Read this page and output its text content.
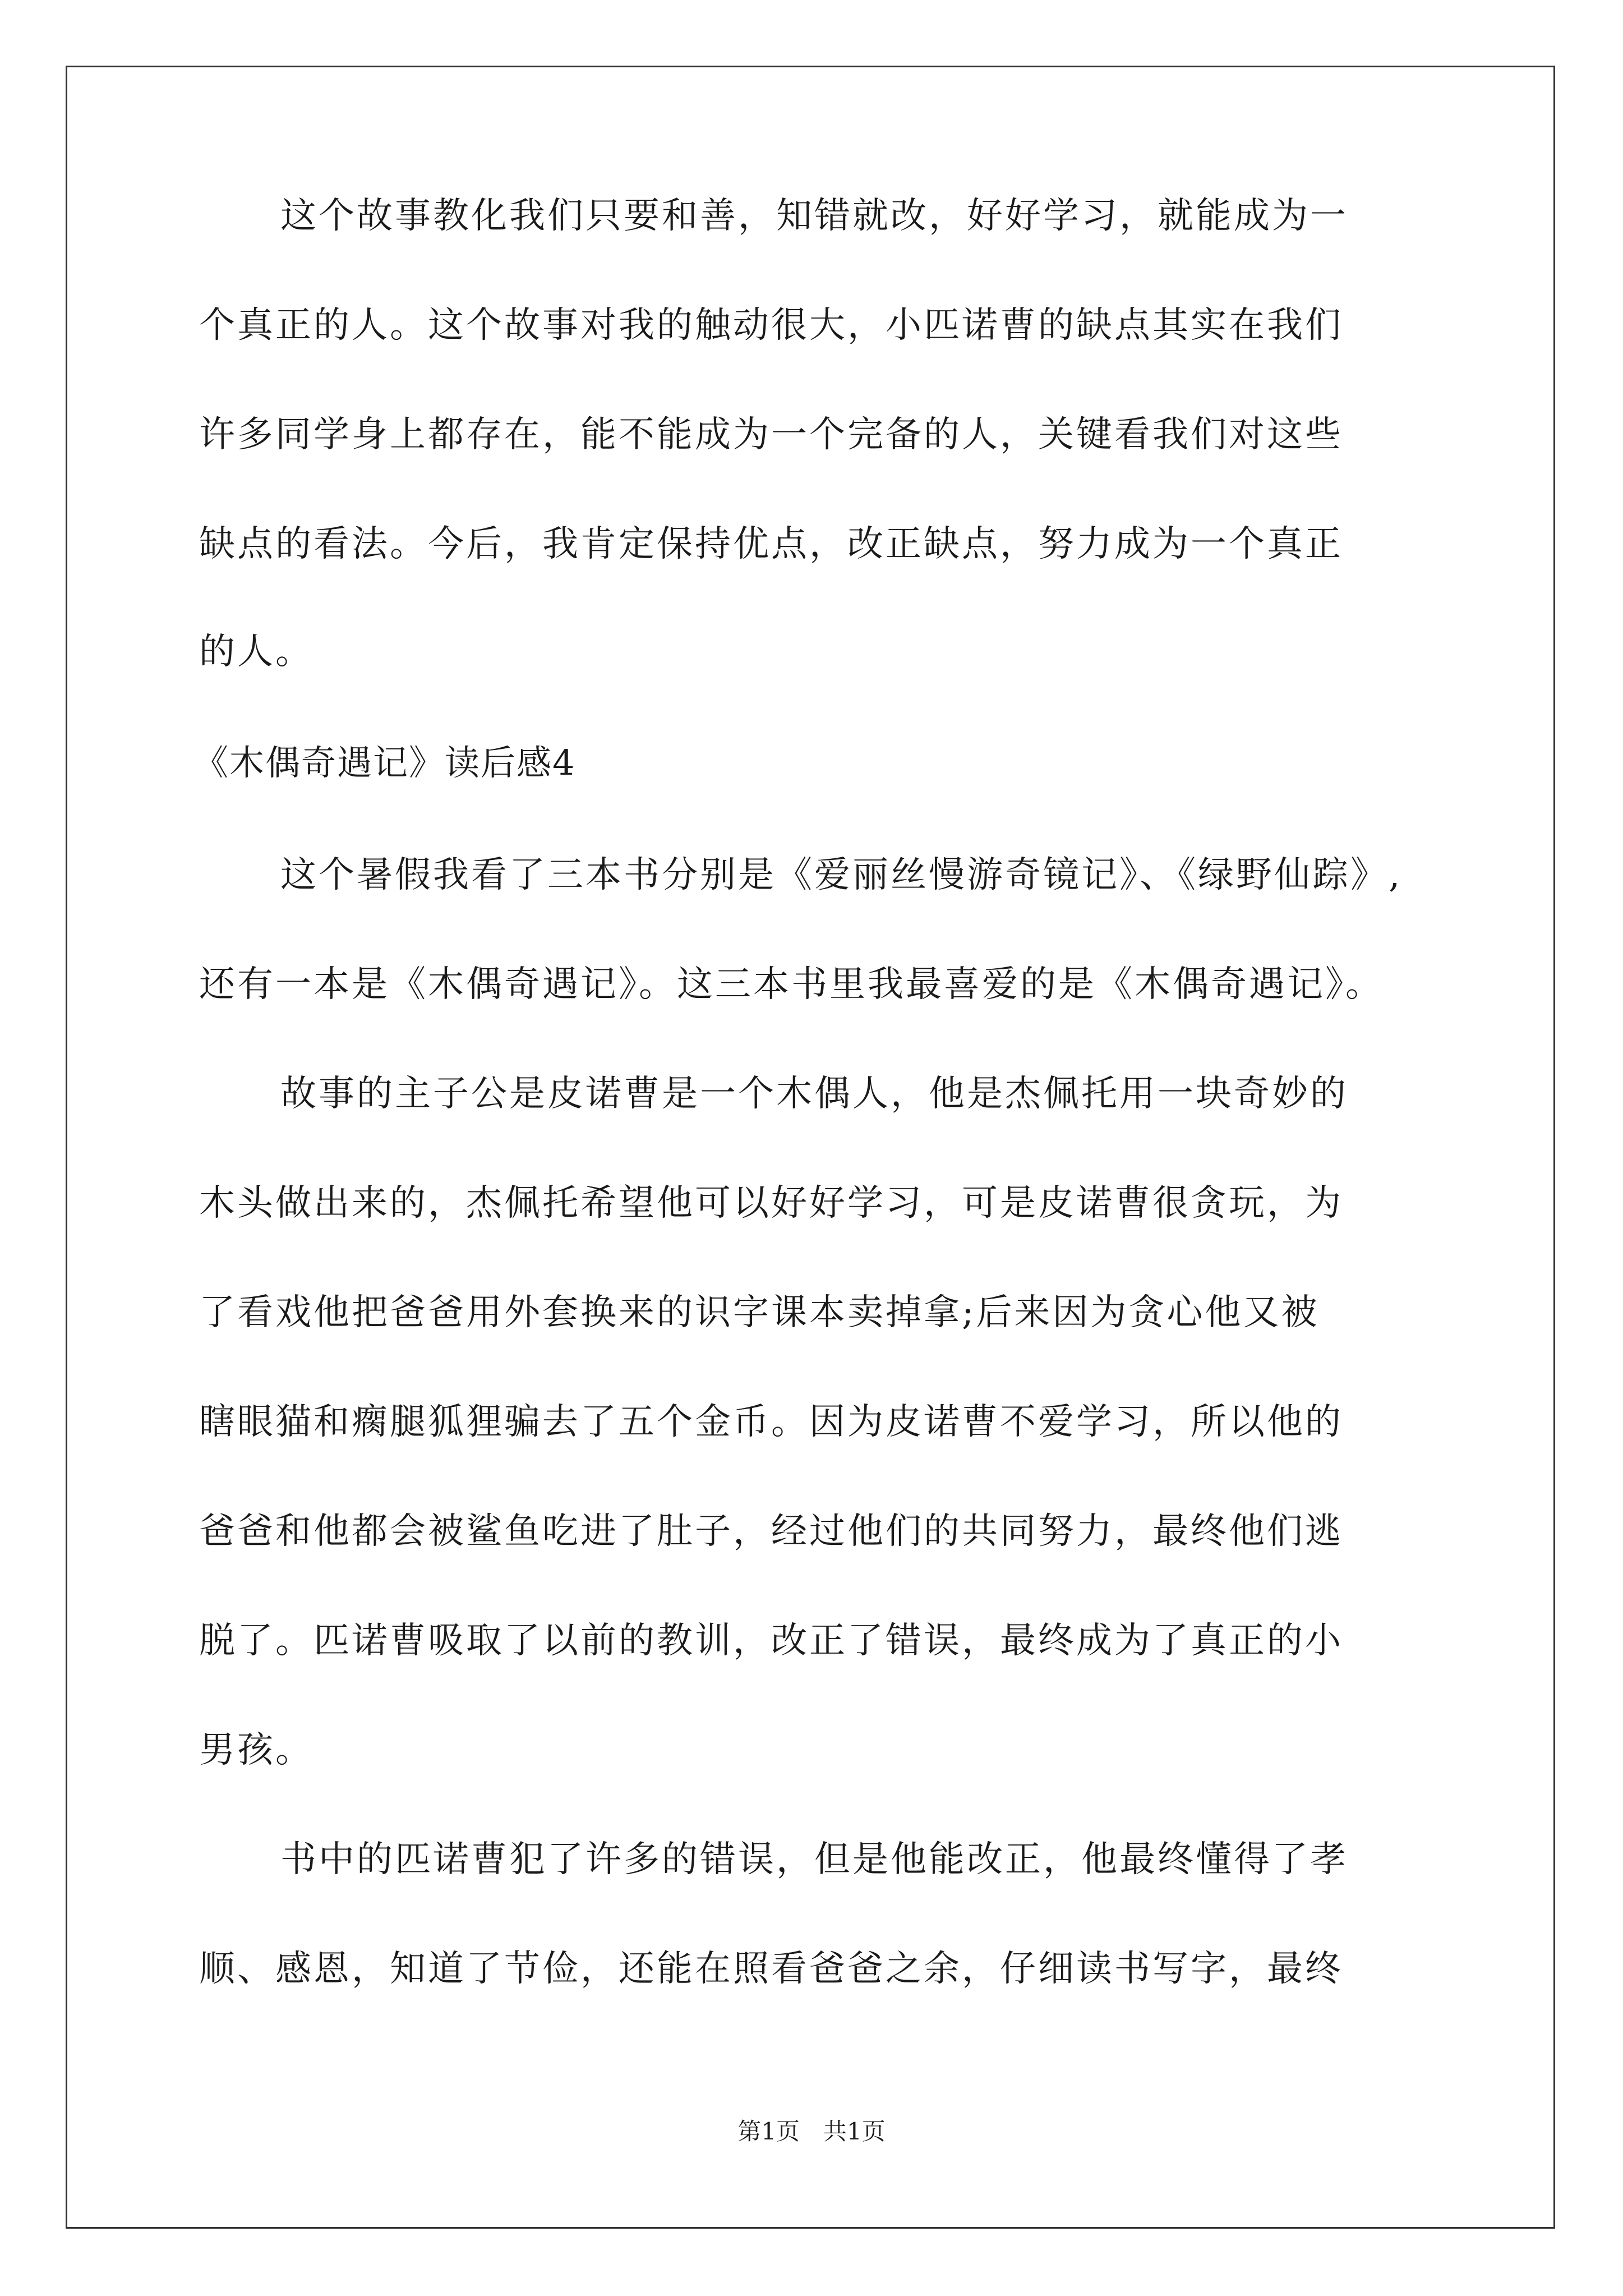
这个故事教化我们只要和善，知错就改，好好学习，就能成为一
个真正的人。这个故事对我的触动很大，小匹诺曹的缺点其实在我们
许多同学身上都存在，能不能成为一个完备的人，关键看我们对这些
缺点的看法。今后，我肯定保持优点，改正缺点，努力成为一个真正
的人。
《木偶奇遇记》读后感4
这个暑假我看了三本书分别是《爱丽丝慢游奇镜记》、《绿野仙踪》,
还有一本是《木偶奇遇记》。这三本书里我最喜爱的是《木偶奇遇记》。
故事的主子公是皮诺曹是一个木偶人，他是杰佩托用一块奇妙的
木头做出来的，杰佩托希望他可以好好学习，可是皮诺曹很贪玩，为
了看戏他把爸爸用外套换来的识字课本卖掉拿;后来因为贪心他又被
瞎眼猫和瘸腿狐狸骗去了五个金币。因为皮诺曹不爱学习，所以他的
爸爸和他都会被鲨鱼吃进了肚子，经过他们的共同努力，最终他们逃
脱了。匹诺曹吸取了以前的教训，改正了错误，最终成为了真正的小
男孩。
书中的匹诺曹犯了许多的错误，但是他能改正，他最终懂得了孝
顺、感恩，知道了节俭，还能在照看爸爸之余，仔细读书写字，最终
第1页　共1页
